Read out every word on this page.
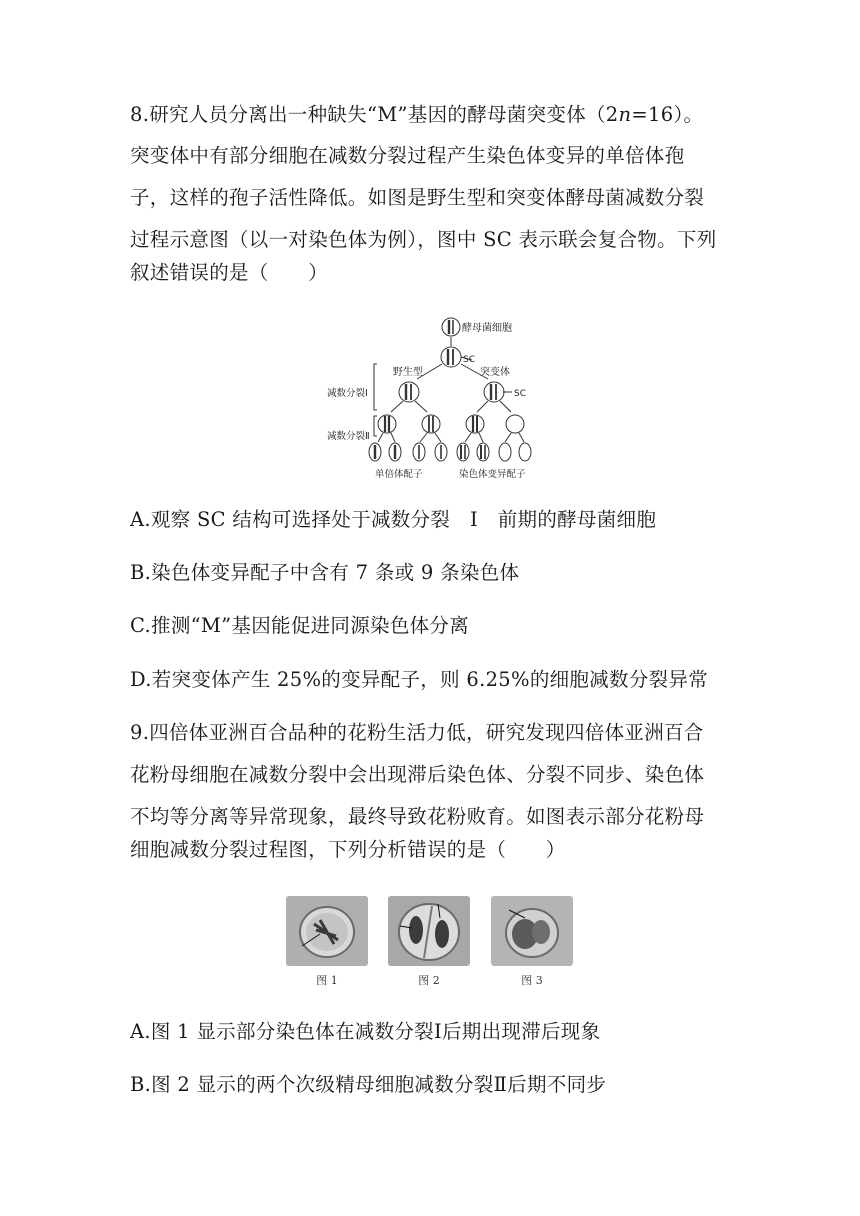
8.研究人员分离出一种缺失“M”基因的酵母菌突变体（2n=16）。
突变体中有部分细胞在减数分裂过程产生染色体变异的单倍体孢
子，这样的孢子活性降低。如图是野生型和突变体酵母菌减数分裂
过程示意图（以一对染色体为例），图中 SC 表示联会复合物。下列
叙述错误的是（　　）
酵母菌细胞
SC
野生型	突变体
SC
减数分裂Ⅰ
减数分裂Ⅱ
单倍体配子	染色体变异配子
A.观察 SC 结构可选择处于减数分裂　Ⅰ　前期的酵母菌细胞
B.染色体变异配子中含有 7 条或 9 条染色体
C.推测“M”基因能促进同源染色体分离
D.若突变体产生 25%的变异配子，则 6.25%的细胞减数分裂异常
9.四倍体亚洲百合品种的花粉生活力低，研究发现四倍体亚洲百合
花粉母细胞在减数分裂中会出现滞后染色体、分裂不同步、染色体
不均等分离等异常现象，最终导致花粉败育。如图表示部分花粉母
细胞减数分裂过程图，下列分析错误的是（　　）
图 1	图 2	图 3
A.图 1 显示部分染色体在减数分裂Ⅰ后期出现滞后现象
B.图 2 显示的两个次级精母细胞减数分裂Ⅱ后期不同步
